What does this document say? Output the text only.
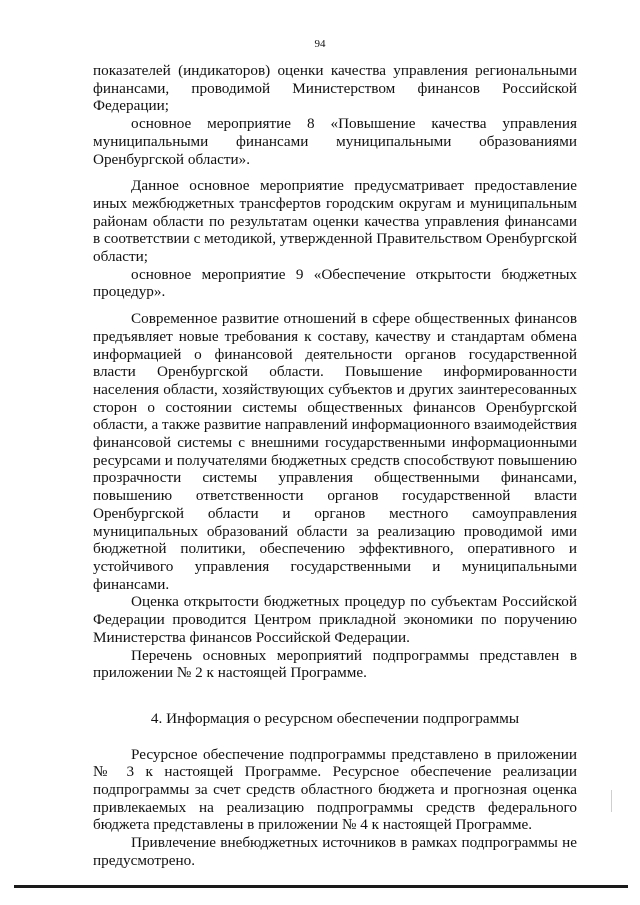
94

показателей (индикаторов) оценки качества управления региональными финансами, проводимой Министерством финансов Российской Федерации;

основное мероприятие 8 «Повышение качества управления муниципальными финансами муниципальными образованиями Оренбургской области».

Данное основное мероприятие предусматривает предоставление иных межбюджетных трансфертов городским округам и муниципальным районам области по результатам оценки качества управления финансами в соответствии с методикой, утвержденной Правительством Оренбургской области;

основное мероприятие 9 «Обеспечение открытости бюджетных процедур».

Современное развитие отношений в сфере общественных финансов предъявляет новые требования к составу, качеству и стандартам обмена информацией о финансовой деятельности органов государственной власти Оренбургской области. Повышение информированности населения области, хозяйствующих субъектов и других заинтересованных сторон о состоянии системы общественных финансов Оренбургской области, а также развитие направлений информационного взаимодействия финансовой системы с внешними государственными информационными ресурсами и получателями бюджетных средств способствуют повышению прозрачности системы управления общественными финансами, повышению ответственности органов государственной власти Оренбургской области и органов местного самоуправления муниципальных образований области за реализацию проводимой ими бюджетной политики, обеспечению эффективного, оперативного и устойчивого управления государственными и муниципальными финансами.

Оценка открытости бюджетных процедур по субъектам Российской Федерации проводится Центром прикладной экономики по поручению Министерства финансов Российской Федерации.

Перечень основных мероприятий подпрограммы представлен в приложении № 2 к настоящей Программе.

4. Информация о ресурсном обеспечении подпрограммы

Ресурсное обеспечение подпрограммы представлено в приложении № 3 к настоящей Программе. Ресурсное обеспечение реализации подпрограммы за счет средств областного бюджета и прогнозная оценка привлекаемых на реализацию подпрограммы средств федерального бюджета представлены в приложении № 4 к настоящей Программе.

Привлечение внебюджетных источников в рамках подпрограммы не предусмотрено.
